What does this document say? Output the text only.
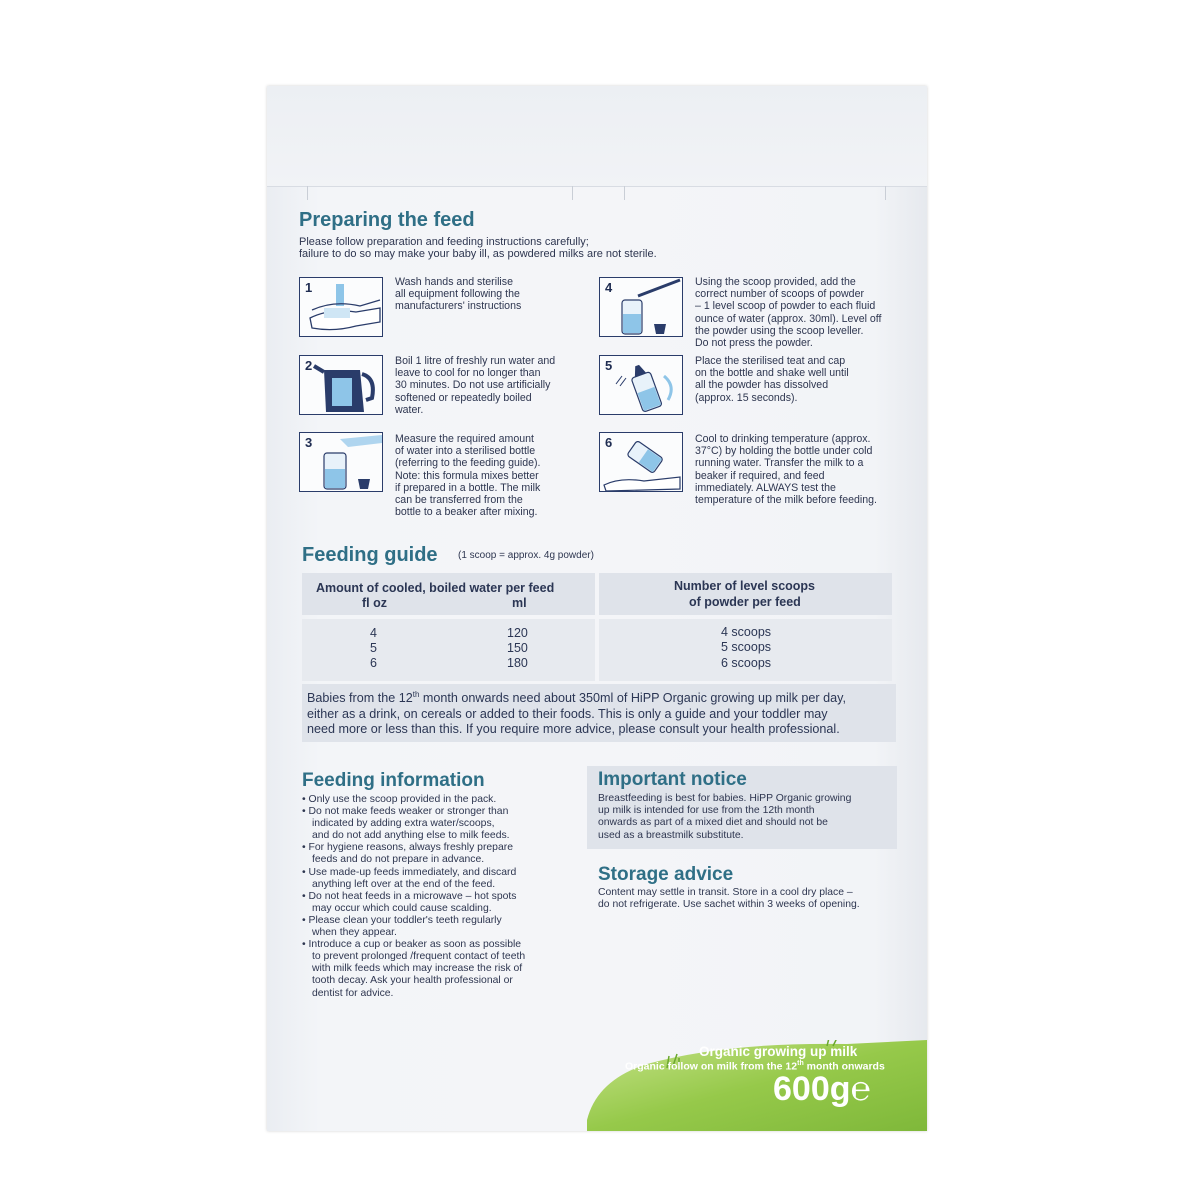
Preparing the feed
Please follow preparation and feeding instructions carefully;
failure to do so may make your baby ill, as powdered milks are not sterile.
1	Wash hands and sterilise
all equipment following the
manufacturers' instructions
2	Boil 1 litre of freshly run water and
leave to cool for no longer than
30 minutes. Do not use artificially
softened or repeatedly boiled
water.
3	Measure the required amount
of water into a sterilised bottle
(referring to the feeding guide).
Note: this formula mixes better
if prepared in a bottle. The milk
can be transferred from the
bottle to a beaker after mixing.
4	Using the scoop provided, add the
correct number of scoops of powder
– 1 level scoop of powder to each fluid
ounce of water (approx. 30ml). Level off
the powder using the scoop leveller.
Do not press the powder.
5	Place the sterilised teat and cap
on the bottle and shake well until
all the powder has dissolved
(approx. 15 seconds).
6	Cool to drinking temperature (approx.
37°C) by holding the bottle under cold
running water. Transfer the milk to a
beaker if required, and feed
immediately. ALWAYS test the
temperature of the milk before feeding.
Feeding guide (1 scoop = approx. 4g powder)
Amount of cooled, boiled water per feed
fl oz	ml
Number of level scoops
of powder per feed
4	120	4 scoops
5	150	5 scoops
6	180	6 scoops
Babies from the 12th month onwards need about 350ml of HiPP Organic growing up milk per day,
either as a drink, on cereals or added to their foods. This is only a guide and your toddler may
need more or less than this. If you require more advice, please consult your health professional.
Feeding information
• Only use the scoop provided in the pack.
• Do not make feeds weaker or stronger than
indicated by adding extra water/scoops,
and do not add anything else to milk feeds.
• For hygiene reasons, always freshly prepare
feeds and do not prepare in advance.
• Use made-up feeds immediately, and discard
anything left over at the end of the feed.
• Do not heat feeds in a microwave – hot spots
may occur which could cause scalding.
• Please clean your toddler's teeth regularly
when they appear.
• Introduce a cup or beaker as soon as possible
to prevent prolonged /frequent contact of teeth
with milk feeds which may increase the risk of
tooth decay. Ask your health professional or
dentist for advice.
Important notice
Breastfeeding is best for babies. HiPP Organic growing
up milk is intended for use from the 12th month
onwards as part of a mixed diet and should not be
used as a breastmilk substitute.
Storage advice
Content may settle in transit. Store in a cool dry place –
do not refrigerate. Use sachet within 3 weeks of opening.
Organic growing up milk
Organic follow on milk from the 12th month onwards
600g℮
